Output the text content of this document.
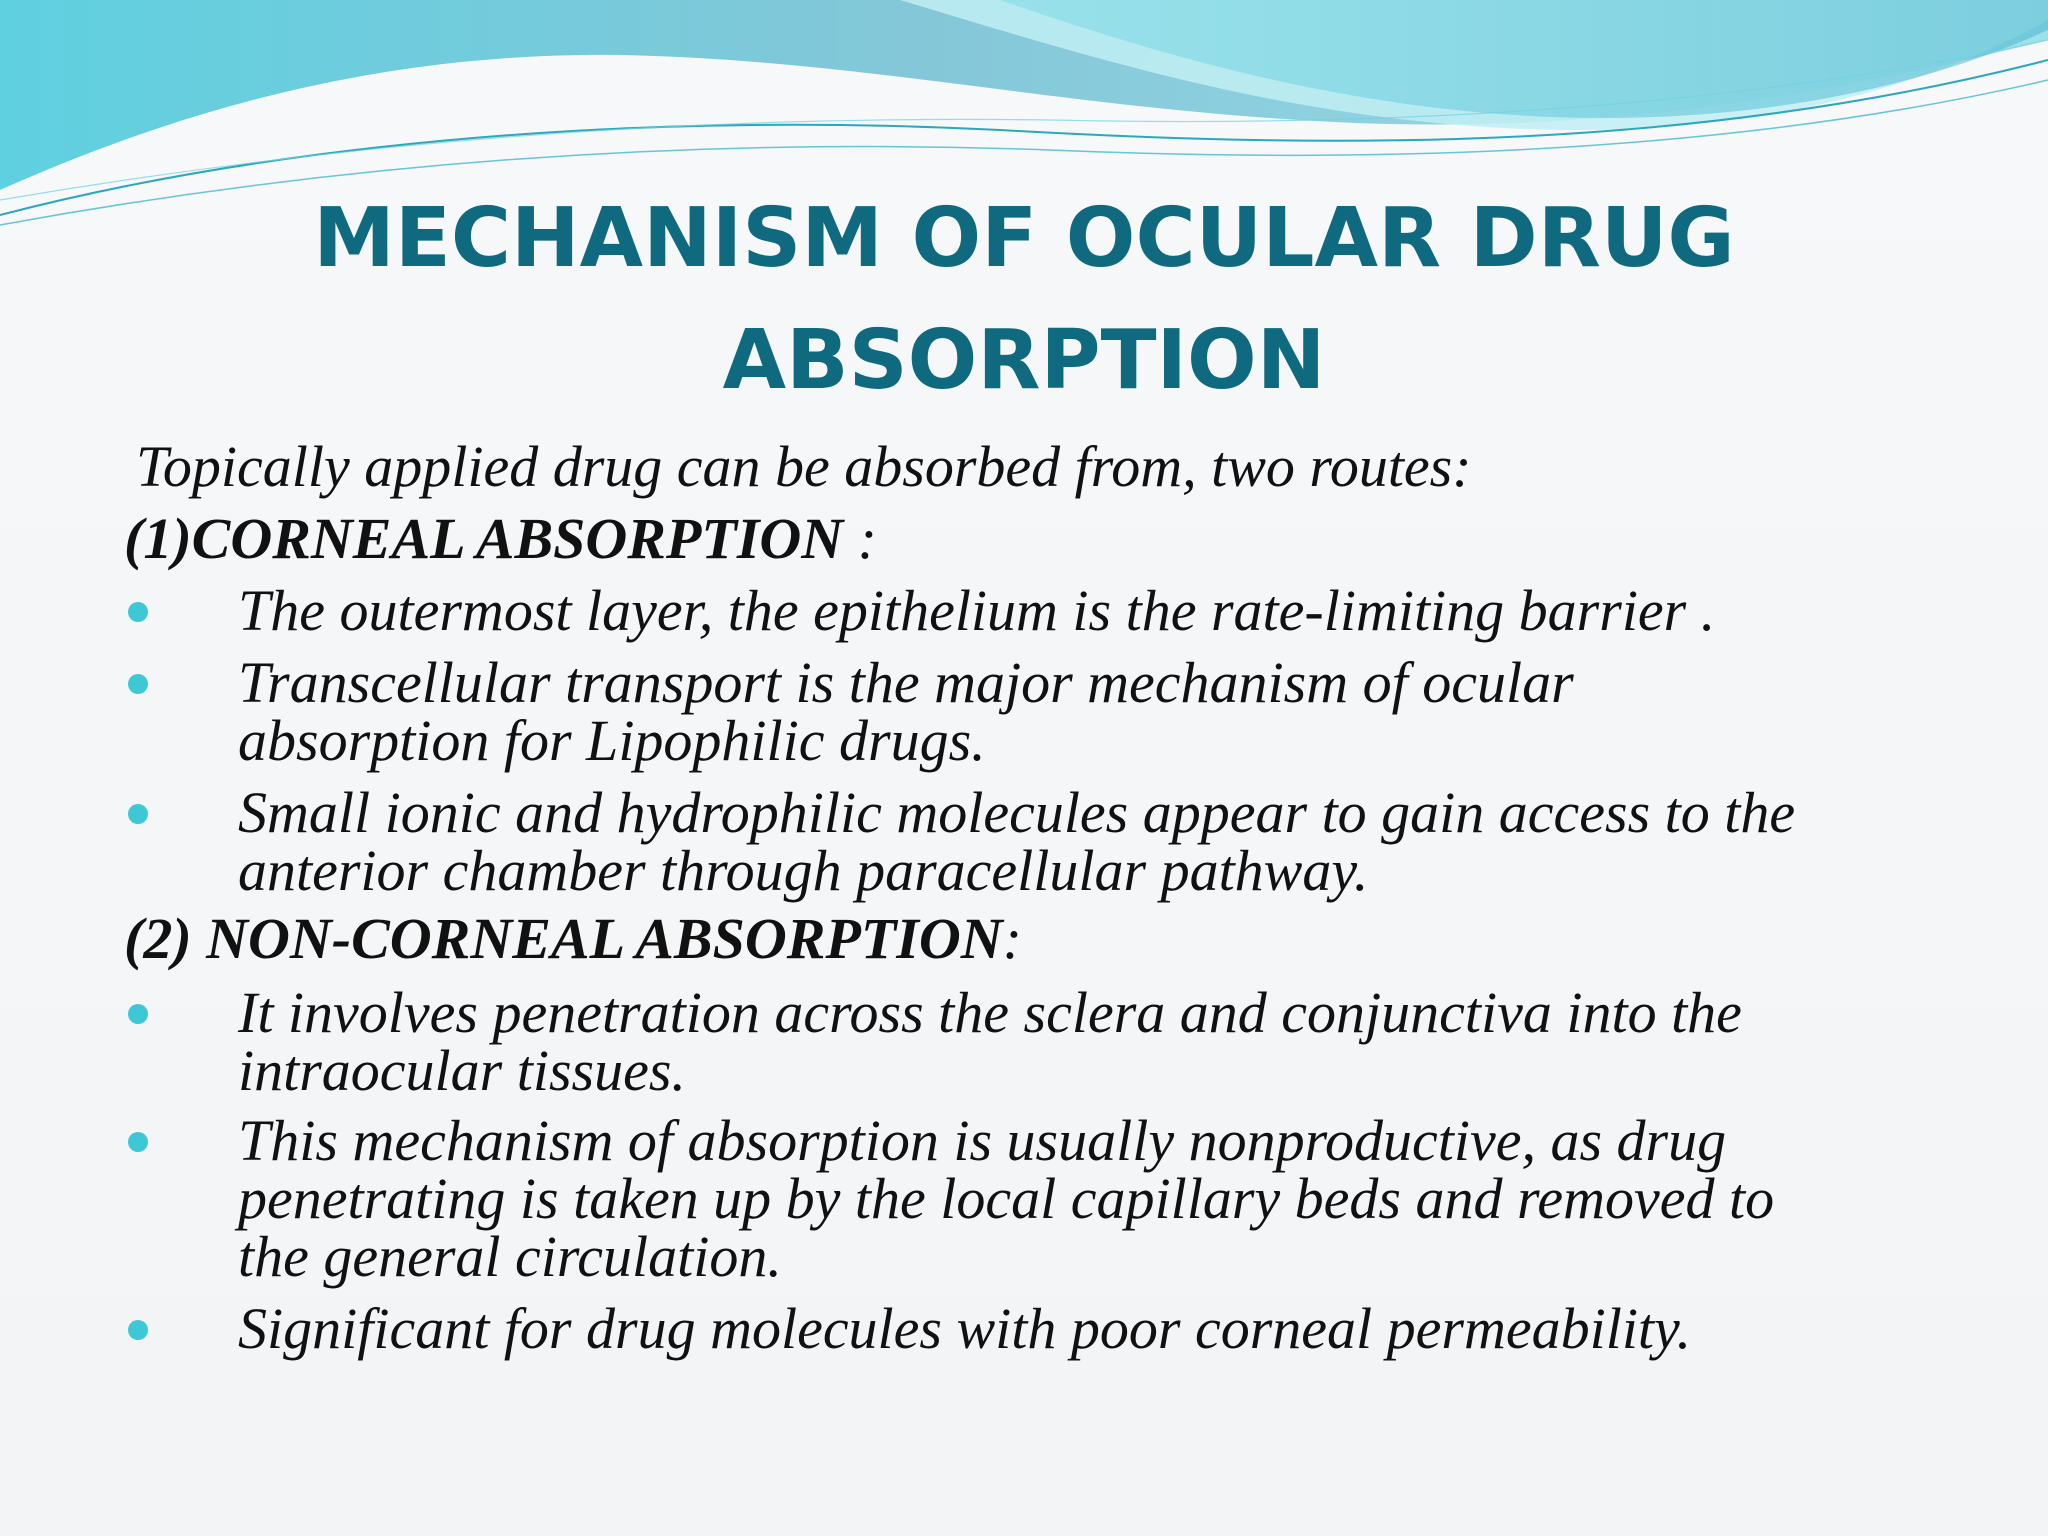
MECHANISM OF OCULAR DRUG
ABSORPTION
Topically applied drug can be absorbed from, two routes:
(1)CORNEAL ABSORPTION :
The outermost layer, the epithelium is the rate-limiting barrier .
Transcellular transport is the major mechanism of ocular
absorption for Lipophilic drugs.
Small ionic and hydrophilic molecules appear to gain access to the
anterior chamber through paracellular pathway.
(2) NON-CORNEAL ABSORPTION:
It involves penetration across the sclera and conjunctiva into the
intraocular tissues.
This mechanism of absorption is usually nonproductive, as drug
penetrating is taken up by the local capillary beds and removed to
the general circulation.
Significant for drug molecules with poor corneal permeability.
